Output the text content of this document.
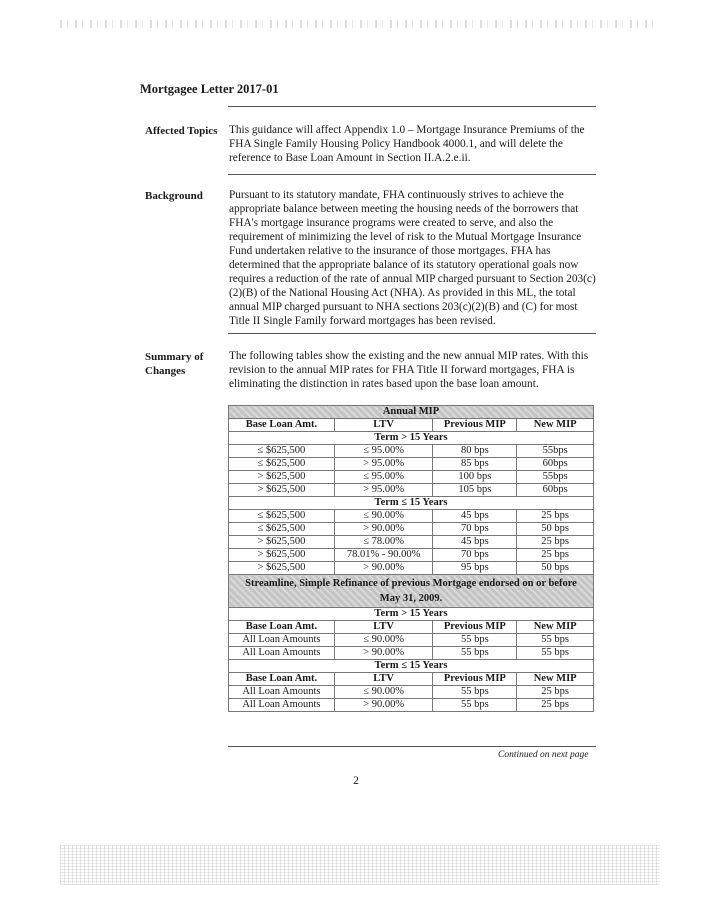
Mortgagee Letter 2017-01
Affected Topics	This guidance will affect Appendix 1.0 – Mortgage Insurance Premiums of the FHA Single Family Housing Policy Handbook 4000.1, and will delete the reference to Base Loan Amount in Section II.A.2.e.ii.

Background	Pursuant to its statutory mandate, FHA continuously strives to achieve the appropriate balance between meeting the housing needs of the borrowers that FHA's mortgage insurance programs were created to serve, and also the requirement of minimizing the level of risk to the Mutual Mortgage Insurance Fund undertaken relative to the insurance of those mortgages. FHA has determined that the appropriate balance of its statutory operational goals now requires a reduction of the rate of annual MIP charged pursuant to Section 203(c)(2)(B) of the National Housing Act (NHA). As provided in this ML, the total annual MIP charged pursuant to NHA sections 203(c)(2)(B) and (C) for most Title II Single Family forward mortgages has been revised.

Summary of
Changes

The following tables show the existing and the new annual MIP rates. With this revision to the annual MIP rates for FHA Title II forward mortgages, FHA is eliminating the distinction in rates based upon the base loan amount.

Annual MIP			
Base Loan Amt.	LTV	Previous MIP	New MIP
Term > 15 Years			
≤ $625,500	≤ 95.00%	80 bps	55bps
≤ $625,500	> 95.00%	85 bps	60bps
> $625,500	≤ 95.00%	100 bps	55bps
> $625,500	> 95.00%	105 bps	60bps
Term ≤ 15 Years			
≤ $625,500	≤ 90.00%	45 bps	25 bps
≤ $625,500	> 90.00%	70 bps	50 bps
> $625,500	≤ 78.00%	45 bps	25 bps
> $625,500	78.01% - 90.00%	70 bps	25 bps
> $625,500	> 90.00%	95 bps	50 bps
Streamline, Simple Refinance of previous Mortgage endorsed on or before May 31, 2009.			
Term > 15 Years			
Base Loan Amt.	LTV	Previous MIP	New MIP
All Loan Amounts	≤ 90.00%	55 bps	55 bps
All Loan Amounts	> 90.00%	55 bps	55 bps
Term ≤ 15 Years			
Base Loan Amt.	LTV	Previous MIP	New MIP
All Loan Amounts	≤ 90.00%	55 bps	25 bps
All Loan Amounts	> 90.00%	55 bps	25 bps
Continued on next page
2
